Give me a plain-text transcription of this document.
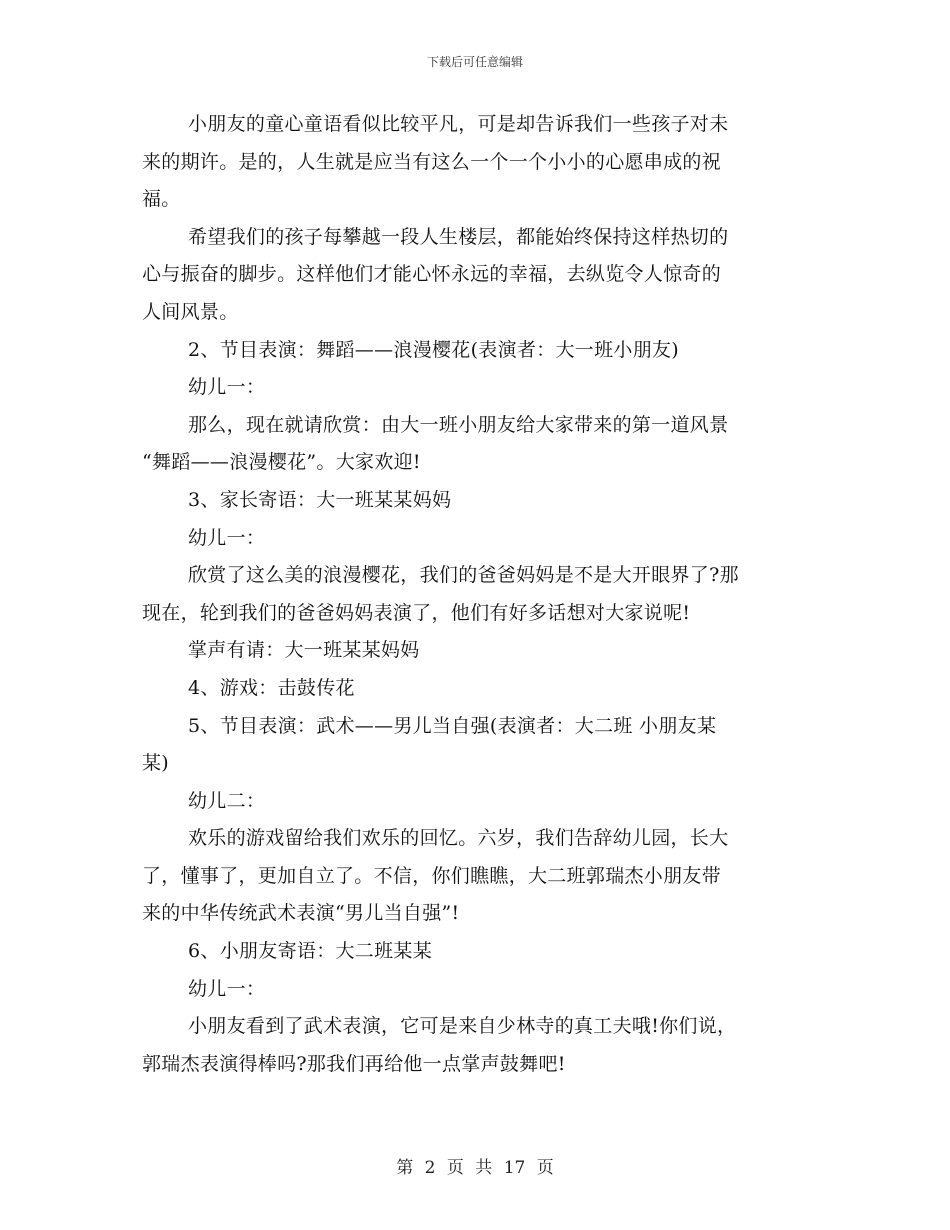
下载后可任意编辑
小朋友的童心童语看似比较平凡，可是却告诉我们一些孩子对未
来的期许。是的，人生就是应当有这么一个一个小小的心愿串成的祝
福。
希望我们的孩子每攀越一段人生楼层，都能始终保持这样热切的
心与振奋的脚步。这样他们才能心怀永远的幸福，去纵览令人惊奇的
人间风景。
2、节目表演：舞蹈——浪漫樱花(表演者：大一班小朋友)
幼儿一：
那么，现在就请欣赏：由大一班小朋友给大家带来的第一道风景
“舞蹈——浪漫樱花”。大家欢迎!
3、家长寄语：大一班某某妈妈
幼儿一：
欣赏了这么美的浪漫樱花，我们的爸爸妈妈是不是大开眼界了?那
现在，轮到我们的爸爸妈妈表演了，他们有好多话想对大家说呢!
掌声有请：大一班某某妈妈
4、游戏：击鼓传花
5、节目表演：武术——男儿当自强(表演者：大二班 小朋友某
某)
幼儿二：
欢乐的游戏留给我们欢乐的回忆。六岁，我们告辞幼儿园，长大
了，懂事了，更加自立了。不信，你们瞧瞧，大二班郭瑞杰小朋友带
来的中华传统武术表演“男儿当自强”!
6、小朋友寄语：大二班某某
幼儿一：
小朋友看到了武术表演，它可是来自少林寺的真工夫哦!你们说，
郭瑞杰表演得棒吗?那我们再给他一点掌声鼓舞吧!
第 2 页 共 17 页
